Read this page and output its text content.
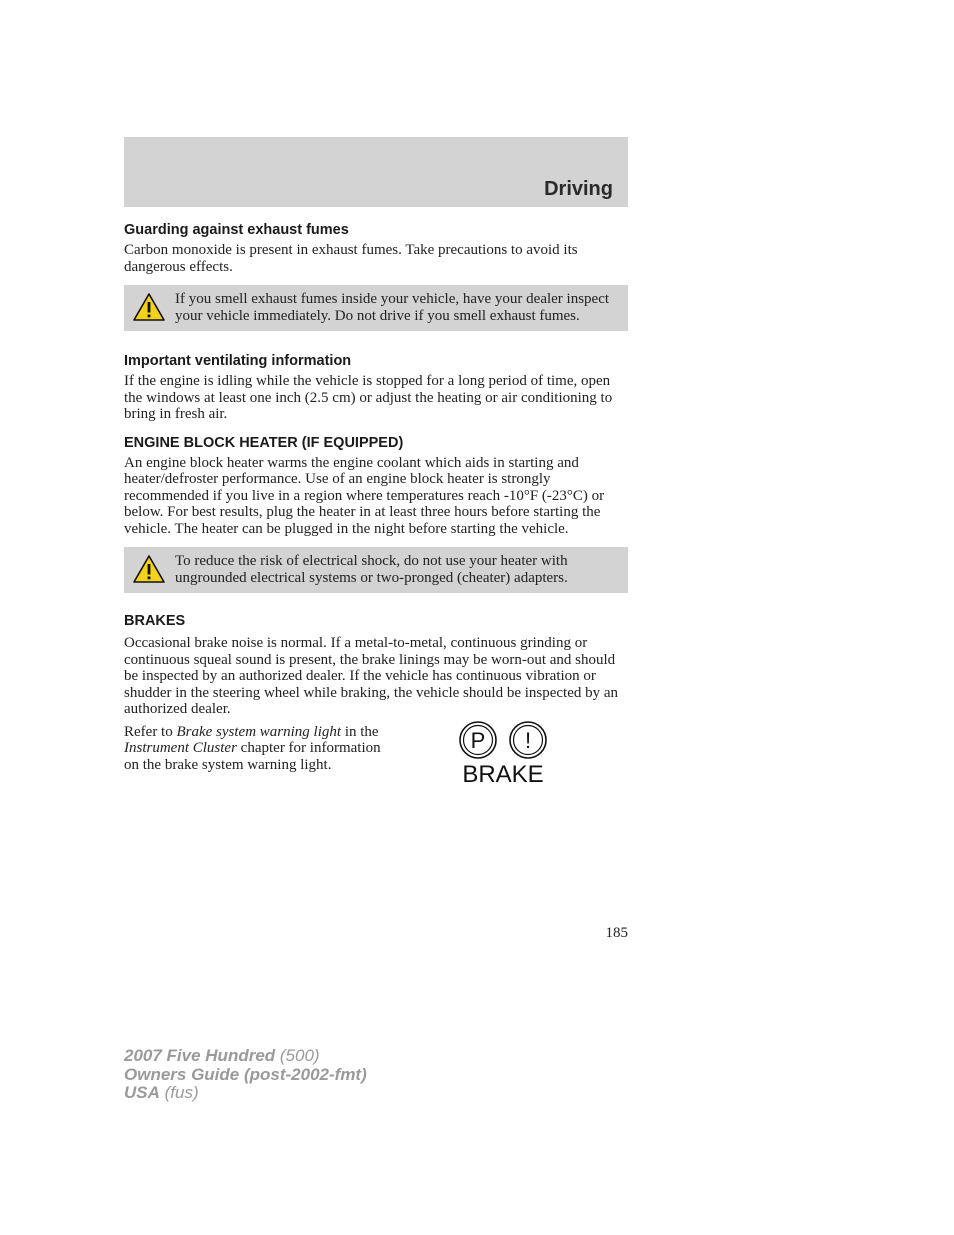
Driving
Guarding against exhaust fumes

Carbon monoxide is present in exhaust fumes. Take precautions to avoid its dangerous effects.

If you smell exhaust fumes inside your vehicle, have your dealer inspect your vehicle immediately. Do not drive if you smell exhaust fumes.
Important ventilating information

If the engine is idling while the vehicle is stopped for a long period of time, open the windows at least one inch (2.5 cm) or adjust the heating or air conditioning to bring in fresh air.

ENGINE BLOCK HEATER (IF EQUIPPED)

An engine block heater warms the engine coolant which aids in starting and heater/defroster performance. Use of an engine block heater is strongly recommended if you live in a region where temperatures reach -10°F (-23°C) or below. For best results, plug the heater in at least three hours before starting the vehicle. The heater can be plugged in the night before starting the vehicle.

To reduce the risk of electrical shock, do not use your heater with ungrounded electrical systems or two-pronged (cheater) adapters.
BRAKES

Occasional brake noise is normal. If a metal-to-metal, continuous grinding or continuous squeal sound is present, the brake linings may be worn-out and should be inspected by an authorized dealer. If the vehicle has continuous vibration or shudder in the steering wheel while braking, the vehicle should be inspected by an authorized dealer.

Refer to Brake system warning light in the Instrument Cluster chapter for information on the brake system warning light.
P !
BRAKE
185
2007 Five Hundred (500)
Owners Guide (post-2002-fmt)
USA (fus)
